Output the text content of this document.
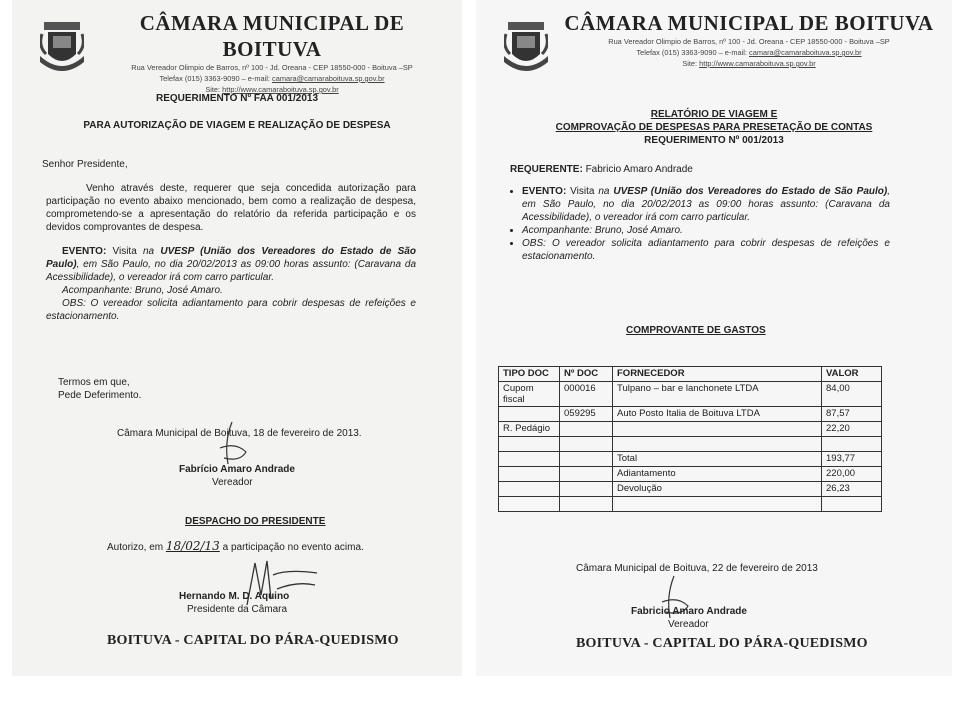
CÂMARA MUNICIPAL DE BOITUVA
Rua Vereador Olimpio de Barros, nº 100 - Jd. Oreana - CEP 18550-000 - Boituva –SP
Telefax (015) 3363-9090 – e-mail: camara@camaraboituva.sp.gov.br
Site: http://www.camaraboituva.sp.gov.br
REQUERIMENTO Nº FAA 001/2013
PARA AUTORIZAÇÃO DE VIAGEM E REALIZAÇÃO DE DESPESA
Senhor Presidente,
Venho através deste, requerer que seja concedida autorização para participação no evento abaixo mencionado, bem como a realização de despesa, comprometendo-se a apresentação do relatório da referida participação e os devidos comprovantes de despesa.
EVENTO: Visita na UVESP (União dos Vereadores do Estado de São Paulo), em São Paulo, no dia 20/02/2013 as 09:00 horas assunto: (Caravana da Acessibilidade), o vereador irá com carro particular.
Acompanhante: Bruno, José Amaro.
OBS: O vereador solicita adiantamento para cobrir despesas de refeições e estacionamento.
Termos em que,
Pede Deferimento.
Câmara Municipal de Boituva, 18 de fevereiro de 2013.
Fabrício Amaro Andrade
Vereador
DESPACHO DO PRESIDENTE
Autorizo, em 18/02/13 a participação no evento acima.
Hernando M. D. Aquino
Presidente da Câmara
BOITUVA - CAPITAL DO PÁRA-QUEDISMO
CÂMARA MUNICIPAL DE BOITUVA
Rua Vereador Olimpio de Barros, nº 100 - Jd. Oreana - CEP 18550-000 - Boituva –SP
Telefax (015) 3363-9090 – e-mail: camara@camaraboituva.sp.gov.br
Site: http://www.camaraboituva.sp.gov.br
RELATÓRIO DE VIAGEM E
COMPROVAÇÃO DE DESPESAS PARA PRESETAÇÃO DE CONTAS
REQUERIMENTO Nº 001/2013
REQUERENTE: Fabricio Amaro Andrade
• EVENTO: Visita na UVESP (União dos Vereadores do Estado de São Paulo), em São Paulo, no dia 20/02/2013 as 09:00 horas assunto: (Caravana da Acessibilidade), o vereador irá com carro particular.
• Acompanhante: Bruno, José Amaro.
• OBS: O vereador solicita adiantamento para cobrir despesas de refeições e estacionamento.
COMPROVANTE DE GASTOS
TIPO DOC	Nº DOC	FORNECEDOR	VALOR
Cupom fiscal	000016	Tulpano – bar e lanchonete LTDA	84,00
	059295	Auto Posto Italia de Boituva LTDA	87,57
R. Pedágio			22,20

		Total	193,77
		Adiantamento	220,00
		Devolução	26,23

Câmara Municipal de Boituva, 22 de fevereiro de 2013
Fabricio Amaro Andrade
Vereador
BOITUVA - CAPITAL DO PÁRA-QUEDISMO
